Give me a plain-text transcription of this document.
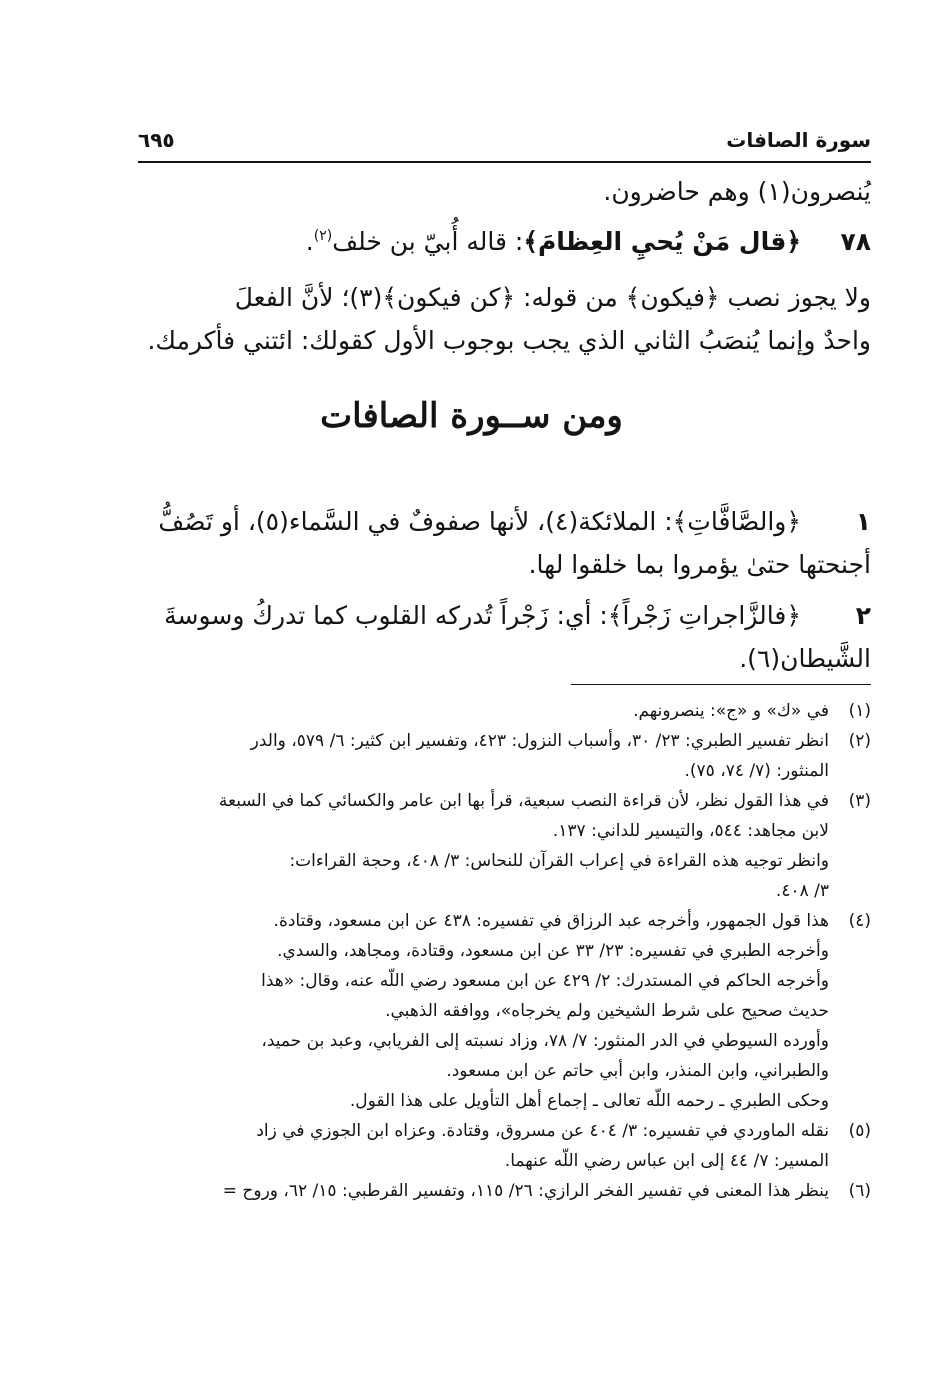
سورة الصافات
٦٩٥
يُنصرون(١) وهم حاضرون.
٧٨
﴿قال مَنْ يُحيِ العِظامَ﴾: قاله أُبيّ بن خلف$^{(٢)}$.
ولا يجوز نصب ﴿فيكون﴾ من قوله: ﴿كن فيكون﴾(٣)؛ لأنَّ الفعلَ
واحدٌ وإنما يُنصَبُ الثاني الذي يجب بوجوب الأول كقولك: ائتني فأكرمك.
ومن ســورة الصافات
١
﴿والصَّافَّاتِ﴾: الملائكة(٤)، لأنها صفوفٌ في السَّماء(٥)، أو تَصُفُّ
أجنحتها حتىٰ يؤمروا بما خلقوا لها.
٢
﴿فالزَّاجراتِ زَجْراً﴾: أي: زَجْراً تُدركه القلوب كما تدركُ وسوسةَ
الشَّيطان(٦).
(١)
في «ك» و «ج»: ينصرونهم.
(٢)
انظر تفسير الطبري: ٢٣/ ٣٠، وأسباب النزول: ٤٢٣، وتفسير ابن كثير: ٦/ ٥٧٩، والدر
المنثور: (٧/ ٧٤، ٧٥).
(٣)
في هذا القول نظر، لأن قراءة النصب سبعية، قرأ بها ابن عامر والكسائي كما في السبعة
لابن مجاهد: ٥٤٤، والتيسير للداني: ١٣٧.
وانظر توجيه هذه القراءة في إعراب القرآن للنحاس: ٣/ ٤٠٨، وحجة القراءات:
٣/ ٤٠٨.
(٤)
هذا قول الجمهور، وأخرجه عبد الرزاق في تفسيره: ٤٣٨ عن ابن مسعود، وقتادة.
وأخرجه الطبري في تفسيره: ٢٣/ ٣٣ عن ابن مسعود، وقتادة، ومجاهد، والسدي.
وأخرجه الحاكم في المستدرك: ٢/ ٤٢٩ عن ابن مسعود رضي اللّه عنه، وقال: «هذا
حديث صحيح على شرط الشيخين ولم يخرجاه»، ووافقه الذهبي.
وأورده السيوطي في الدر المنثور: ٧/ ٧٨، وزاد نسبته إلى الفريابي، وعبد بن حميد،
والطبراني، وابن المنذر، وابن أبي حاتم عن ابن مسعود.
وحكى الطبري ـ رحمه اللّه تعالى ـ إجماع أهل التأويل على هذا القول.
(٥)
نقله الماوردي في تفسيره: ٣/ ٤٠٤ عن مسروق، وقتادة. وعزاه ابن الجوزي في زاد
المسير: ٧/ ٤٤ إلى ابن عباس رضي اللّه عنهما.
(٦)
ينظر هذا المعنى في تفسير الفخر الرازي: ٢٦/ ١١٥، وتفسير القرطبي: ١٥/ ٦٢، وروح =
